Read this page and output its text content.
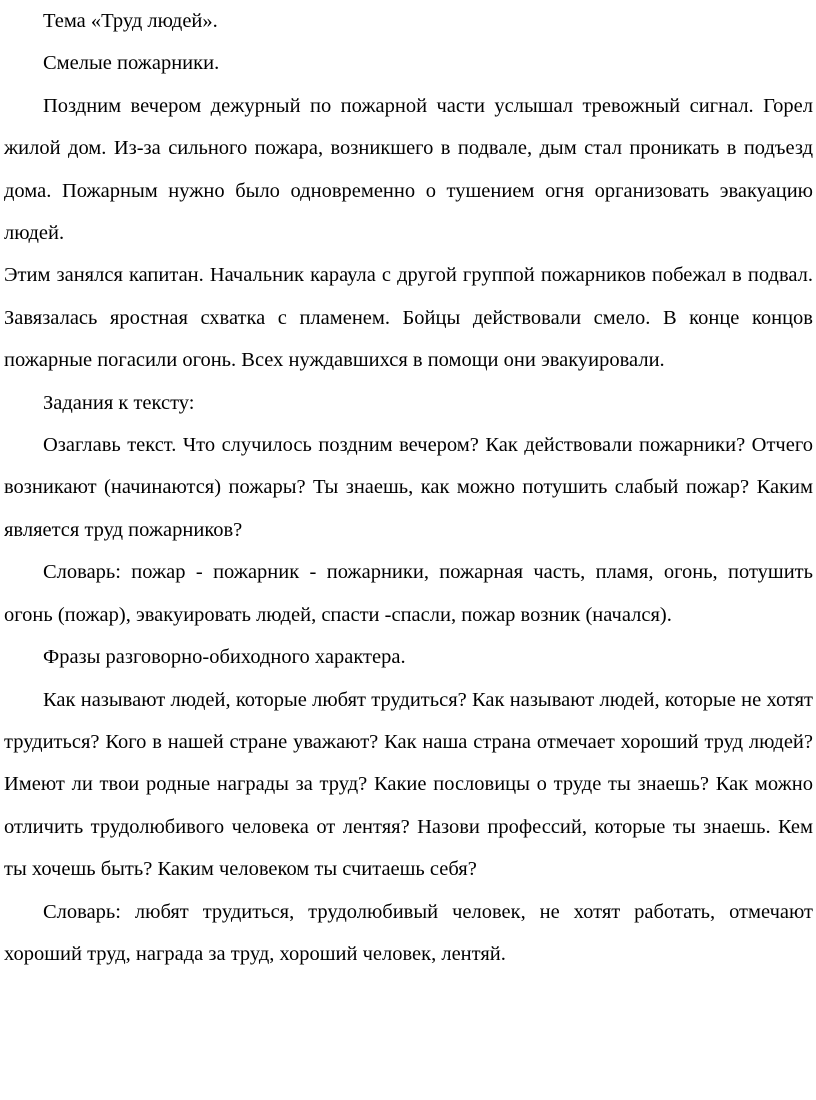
Тема «Труд людей».

Смелые пожарники.

Поздним вечером дежурный по пожарной части услышал тревожный сигнал. Горел жилой дом. Из-за сильного пожара, возникшего в подвале, дым стал проникать в подъезд дома. Пожарным нужно было одновременно о тушением огня организовать эвакуацию людей.

Этим занялся капитан. Начальник караула с другой группой пожарников побежал в подвал. Завязалась яростная схватка с пламенем. Бойцы действовали смело. В конце концов пожарные погасили огонь. Всех нуждавшихся в помощи они эвакуировали.

Задания к тексту:

Озаглавь текст. Что случилось поздним вечером? Как действовали пожарники? Отчего возникают (начинаются) пожары? Ты знаешь, как можно потушить слабый пожар? Каким является труд пожарников?

Словарь: пожар - пожарник - пожарники, пожарная часть, пламя, огонь, потушить огонь (пожар), эвакуировать людей, спасти -спасли, пожар возник (начался).

Фразы разговорно-обиходного характера.

Как называют людей, которые любят трудиться? Как называют людей, которые не хотят трудиться? Кого в нашей стране уважают? Как наша страна отмечает хороший труд людей? Имеют ли твои родные награды за труд? Какие пословицы о труде ты знаешь? Как можно отличить трудолюбивого человека от лентяя? Назови профессий, которые ты знаешь. Кем ты хочешь быть? Каким человеком ты считаешь себя?

Словарь: любят трудиться, трудолюбивый человек, не хотят работать, отмечают хороший труд, награда за труд, хороший человек, лентяй.
